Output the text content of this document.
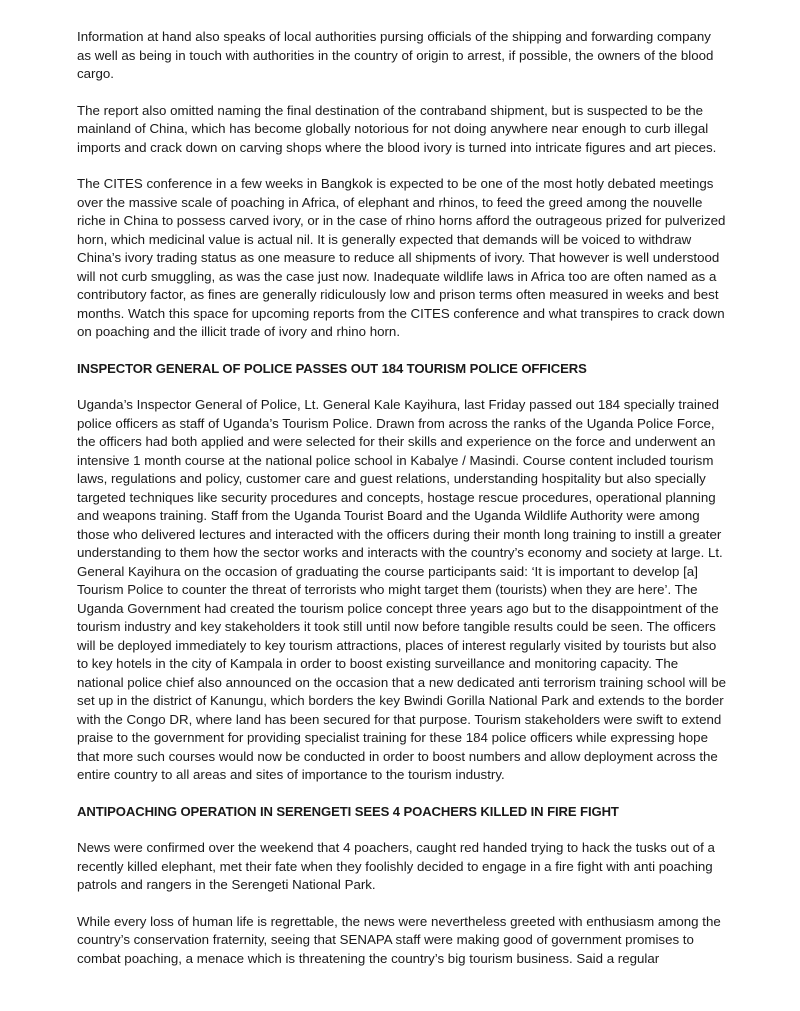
Information at hand also speaks of local authorities pursing officials of the shipping and forwarding company as well as being in touch with authorities in the country of origin to arrest, if possible, the owners of the blood cargo.

The report also omitted naming the final destination of the contraband shipment, but is suspected to be the mainland of China, which has become globally notorious for not doing anywhere near enough to curb illegal imports and crack down on carving shops where the blood ivory is turned into intricate figures and art pieces.

The CITES conference in a few weeks in Bangkok is expected to be one of the most hotly debated meetings over the massive scale of poaching in Africa, of elephant and rhinos, to feed the greed among the nouvelle riche in China to possess carved ivory, or in the case of rhino horns afford the outrageous prized for pulverized horn, which medicinal value is actual nil. It is generally expected that demands will be voiced to withdraw China’s ivory trading status as one measure to reduce all shipments of ivory. That however is well understood will not curb smuggling, as was the case just now. Inadequate wildlife laws in Africa too are often named as a contributory factor, as fines are generally ridiculously low and prison terms often measured in weeks and best months. Watch this space for upcoming reports from the CITES conference and what transpires to crack down on poaching and the illicit trade of ivory and rhino horn.

INSPECTOR GENERAL OF POLICE PASSES OUT 184 TOURISM POLICE OFFICERS

Uganda’s Inspector General of Police, Lt. General Kale Kayihura, last Friday passed out 184 specially trained police officers as staff of Uganda’s Tourism Police. Drawn from across the ranks of the Uganda Police Force, the officers had both applied and were selected for their skills and experience on the force and underwent an intensive 1 month course at the national police school in Kabalye / Masindi. Course content included tourism laws, regulations and policy, customer care and guest relations, understanding hospitality but also specially targeted techniques like security procedures and concepts, hostage rescue procedures, operational planning and weapons training. Staff from the Uganda Tourist Board and the Uganda Wildlife Authority were among those who delivered lectures and interacted with the officers during their month long training to instill a greater understanding to them how the sector works and interacts with the country’s economy and society at large. Lt. General Kayihura on the occasion of graduating the course participants said: ‘It is important to develop [a] Tourism Police to counter the threat of terrorists who might target them (tourists) when they are here’. The Uganda Government had created the tourism police concept three years ago but to the disappointment of the tourism industry and key stakeholders it took still until now before tangible results could be seen. The officers will be deployed immediately to key tourism attractions, places of interest regularly visited by tourists but also to key hotels in the city of Kampala in order to boost existing surveillance and monitoring capacity. The national police chief also announced on the occasion that a new dedicated anti terrorism training school will be set up in the district of Kanungu, which borders the key Bwindi Gorilla National Park and extends to the border with the Congo DR, where land has been secured for that purpose. Tourism stakeholders were swift to extend praise to the government for providing specialist training for these 184 police officers while expressing hope that more such courses would now be conducted in order to boost numbers and allow deployment across the entire country to all areas and sites of importance to the tourism industry.

ANTIPOACHING OPERATION IN SERENGETI SEES 4 POACHERS KILLED IN FIRE FIGHT

News were confirmed over the weekend that 4 poachers, caught red handed trying to hack the tusks out of a recently killed elephant, met their fate when they foolishly decided to engage in a fire fight with anti poaching patrols and rangers in the Serengeti National Park.

While every loss of human life is regrettable, the news were nevertheless greeted with enthusiasm among the country’s conservation fraternity, seeing that SENAPA staff were making good of government promises to combat poaching, a menace which is threatening the country’s big tourism business. Said a regular
